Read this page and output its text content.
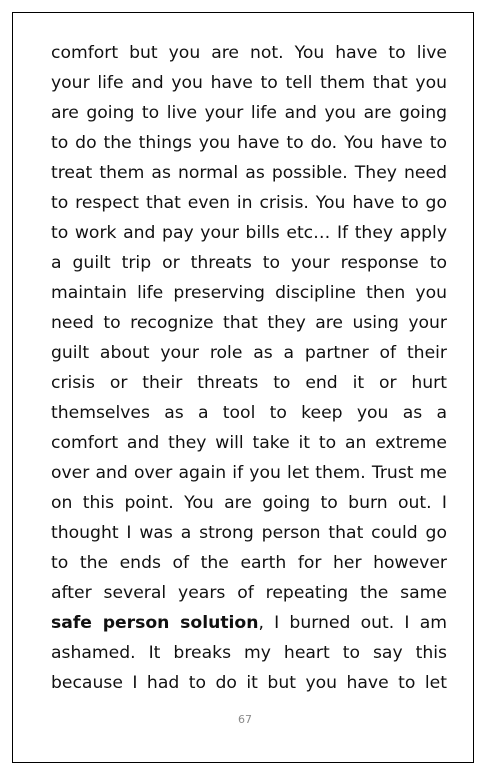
comfort but you are not. You have to live
your life and you have to tell them that you
are going to live your life and you are going
to do the things you have to do. You have to
treat them as normal as possible. They need
to respect that even in crisis. You have to go
to work and pay your bills etc… If they apply
a guilt trip or threats to your response to
maintain life preserving discipline then you
need to recognize that they are using your
guilt about your role as a partner of their
crisis or their threats to end it or hurt
themselves as a tool to keep you as a
comfort and they will take it to an extreme
over and over again if you let them. Trust me
on this point. You are going to burn out. I
thought I was a strong person that could go
to the ends of the earth for her however
after several years of repeating the same
safe person solution, I burned out. I am
ashamed. It breaks my heart to say this
because I had to do it but you have to let
67
